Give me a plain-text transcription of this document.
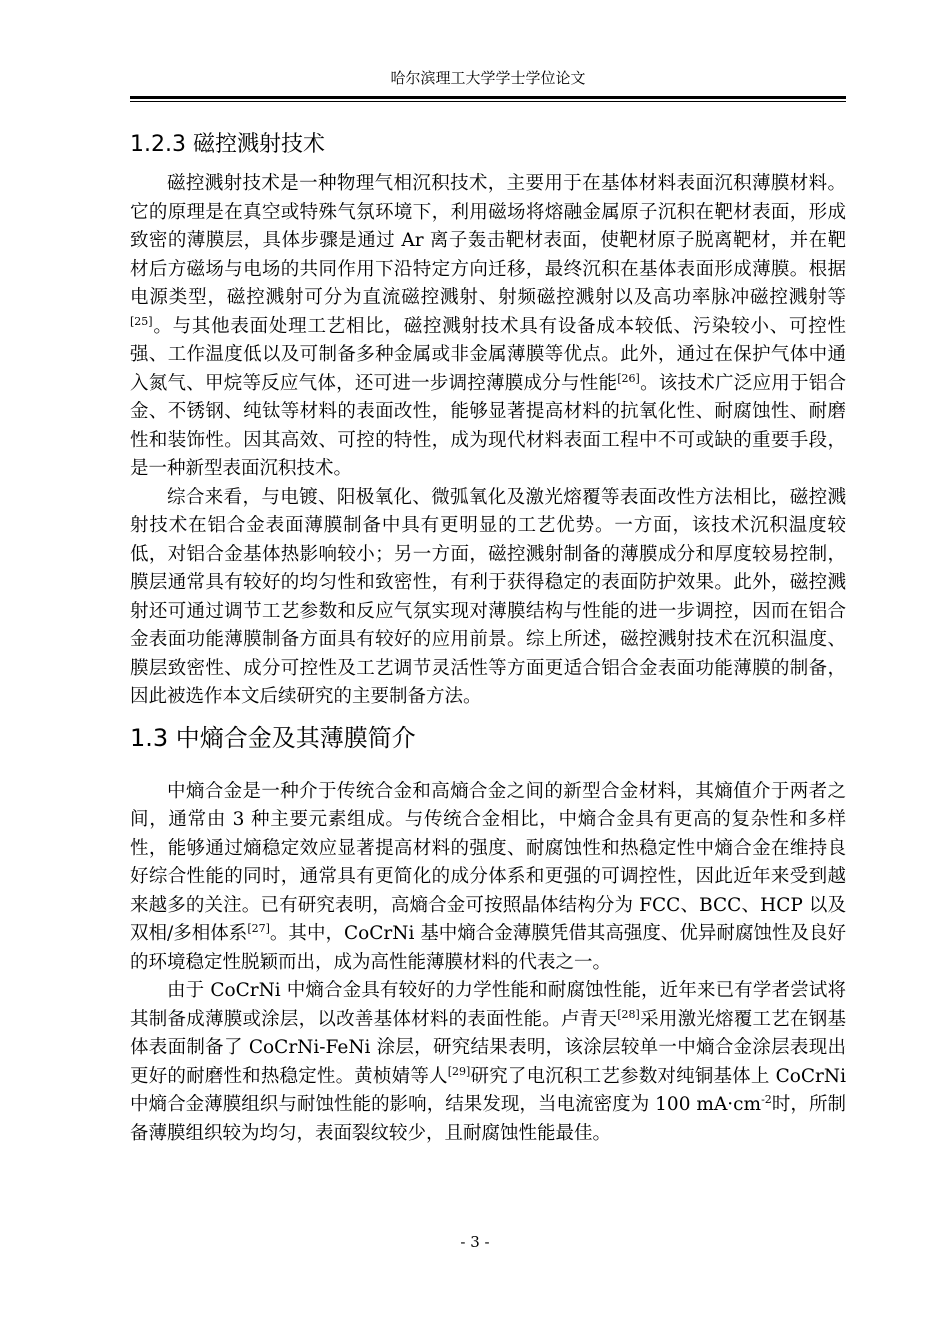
哈尔滨理工大学学士学位论文
1.2.3 磁控溅射技术

磁控溅射技术是一种物理气相沉积技术，主要用于在基体材料表面沉积薄膜材料。它的原理是在真空或特殊气氛环境下，利用磁场将熔融金属原子沉积在靶材表面，形成致密的薄膜层，具体步骤是通过 Ar 离子轰击靶材表面，使靶材原子脱离靶材，并在靶材后方磁场与电场的共同作用下沿特定方向迁移，最终沉积在基体表面形成薄膜。根据电源类型，磁控溅射可分为直流磁控溅射、射频磁控溅射以及高功率脉冲磁控溅射等[25]。与其他表面处理工艺相比，磁控溅射技术具有设备成本较低、污染较小、可控性强、工作温度低以及可制备多种金属或非金属薄膜等优点。此外，通过在保护气体中通入氮气、甲烷等反应气体，还可进一步调控薄膜成分与性能[26]。该技术广泛应用于铝合金、不锈钢、纯钛等材料的表面改性，能够显著提高材料的抗氧化性、耐腐蚀性、耐磨性和装饰性。因其高效、可控的特性，成为现代材料表面工程中不可或缺的重要手段，是一种新型表面沉积技术。

综合来看，与电镀、阳极氧化、微弧氧化及激光熔覆等表面改性方法相比，磁控溅射技术在铝合金表面薄膜制备中具有更明显的工艺优势。一方面，该技术沉积温度较低，对铝合金基体热影响较小；另一方面，磁控溅射制备的薄膜成分和厚度较易控制，膜层通常具有较好的均匀性和致密性，有利于获得稳定的表面防护效果。此外，磁控溅射还可通过调节工艺参数和反应气氛实现对薄膜结构与性能的进一步调控，因而在铝合金表面功能薄膜制备方面具有较好的应用前景。综上所述，磁控溅射技术在沉积温度、膜层致密性、成分可控性及工艺调节灵活性等方面更适合铝合金表面功能薄膜的制备，因此被选作本文后续研究的主要制备方法。

1.3 中熵合金及其薄膜简介

中熵合金是一种介于传统合金和高熵合金之间的新型合金材料，其熵值介于两者之间，通常由 3 种主要元素组成。与传统合金相比，中熵合金具有更高的复杂性和多样性，能够通过熵稳定效应显著提高材料的强度、耐腐蚀性和热稳定性中熵合金在维持良好综合性能的同时，通常具有更简化的成分体系和更强的可调控性，因此近年来受到越来越多的关注。已有研究表明，高熵合金可按照晶体结构分为 FCC、BCC、HCP 以及双相/多相体系[27]。其中，CoCrNi 基中熵合金薄膜凭借其高强度、优异耐腐蚀性及良好的环境稳定性脱颖而出，成为高性能薄膜材料的代表之一。

由于 CoCrNi 中熵合金具有较好的力学性能和耐腐蚀性能，近年来已有学者尝试将其制备成薄膜或涂层，以改善基体材料的表面性能。卢青天[28]采用激光熔覆工艺在钢基体表面制备了 CoCrNi-FeNi 涂层，研究结果表明，该涂层较单一中熵合金涂层表现出更好的耐磨性和热稳定性。黄桢婧等人[29]研究了电沉积工艺参数对纯铜基体上 CoCrNi 中熵合金薄膜组织与耐蚀性能的影响，结果发现，当电流密度为 100 $mA\cdot cm^{-2}$时，所制备薄膜组织较为均匀，表面裂纹较少，且耐腐蚀性能最佳。

- 3 -
